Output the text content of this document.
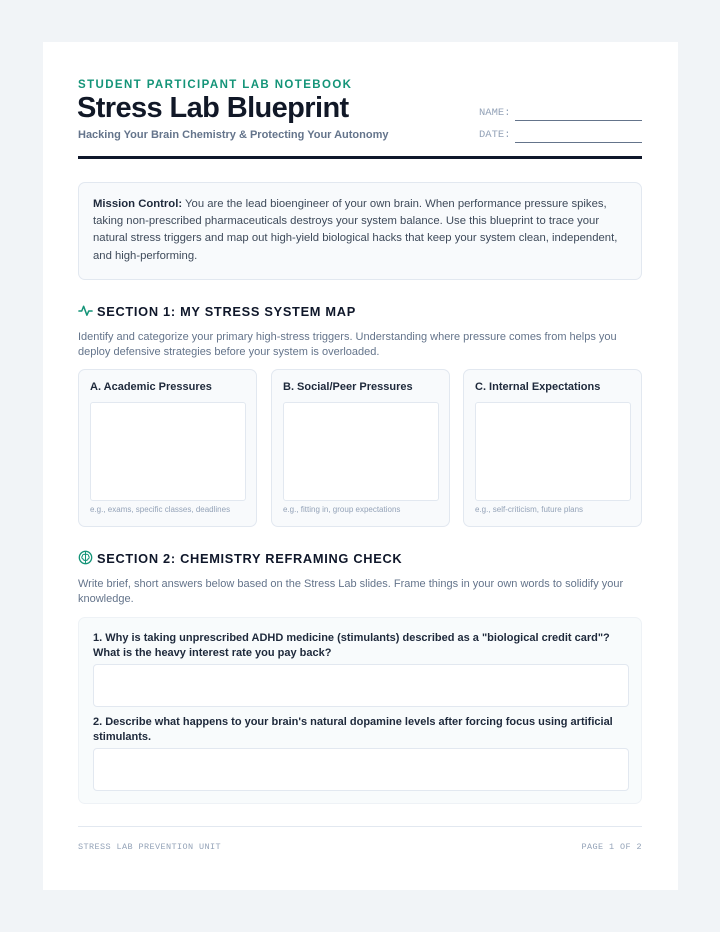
STUDENT PARTICIPANT LAB NOTEBOOK
Stress Lab Blueprint
Hacking Your Brain Chemistry & Protecting Your Autonomy
NAME:
DATE:
Mission Control: You are the lead bioengineer of your own brain. When performance pressure spikes, taking non-prescribed pharmaceuticals destroys your system balance. Use this blueprint to trace your natural stress triggers and map out high-yield biological hacks that keep your system clean, independent, and high-performing.
SECTION 1: MY STRESS SYSTEM MAP
Identify and categorize your primary high-stress triggers. Understanding where pressure comes from helps you deploy defensive strategies before your system is overloaded.
A. Academic Pressures
e.g., exams, specific classes, deadlines
B. Social/Peer Pressures
e.g., fitting in, group expectations
C. Internal Expectations
e.g., self-criticism, future plans
SECTION 2: CHEMISTRY REFRAMING CHECK
Write brief, short answers below based on the Stress Lab slides. Frame things in your own words to solidify your knowledge.
1. Why is taking unprescribed ADHD medicine (stimulants) described as a "biological credit card"? What is the heavy interest rate you pay back?
2. Describe what happens to your brain's natural dopamine levels after forcing focus using artificial stimulants.
STRESS LAB PREVENTION UNIT	PAGE 1 OF 2
